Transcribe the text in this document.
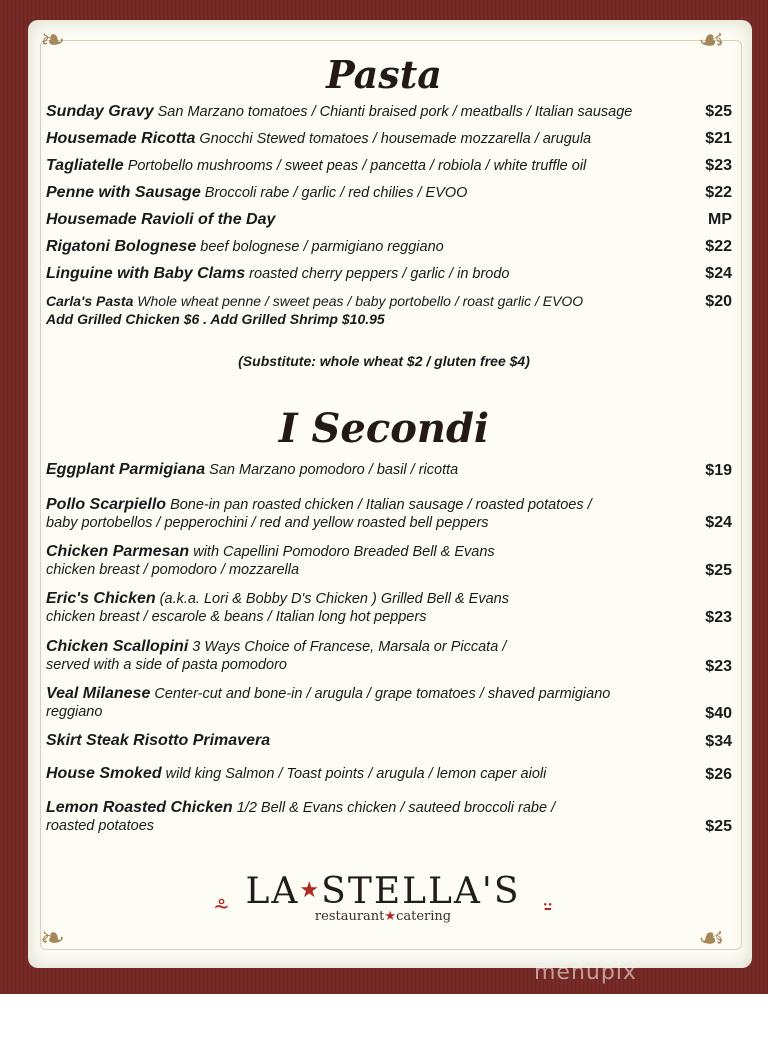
❧	☙
❧	☙
Pasta
Sunday Gravy San Marzano tomatoes / Chianti braised pork / meatballs / Italian sausage	$25
Housemade Ricotta Gnocchi Stewed tomatoes / housemade mozzarella / arugula	$21
Tagliatelle Portobello mushrooms / sweet peas / pancetta / robiola / white truffle oil	$23
Penne with Sausage Broccoli rabe / garlic / red chilies / EVOO	$22
Housemade Ravioli of the Day	MP
Rigatoni Bolognese beef bolognese / parmigiano reggiano	$22
Linguine with Baby Clams roasted cherry peppers / garlic / in brodo	$24
Carla's Pasta Whole wheat penne / sweet peas / baby portobello / roast garlic / EVOO	$20
Add Grilled Chicken $6 . Add Grilled Shrimp $10.95
(Substitute: whole wheat $2 / gluten free $4)
I Secondi
Eggplant Parmigiana San Marzano pomodoro / basil / ricotta	$19
Pollo Scarpiello Bone-in pan roasted chicken / Italian sausage / roasted potatoes /
baby portobellos / pepperochini / red and yellow roasted bell peppers	$24
Chicken Parmesan with Capellini Pomodoro Breaded Bell & Evans
chicken breast / pomodoro / mozzarella	$25
Eric's Chicken (a.k.a. Lori & Bobby D's Chicken ) Grilled Bell & Evans
chicken breast / escarole & beans / Italian long hot peppers	$23
Chicken Scallopini 3 Ways Choice of Francese, Marsala or Piccata /
served with a side of pasta pomodoro	$23
Veal Milanese Center-cut and bone-in / arugula / grape tomatoes / shaved parmigiano
reggiano	$40
Skirt Steak Risotto Primavera	$34
House Smoked wild king Salmon / Toast points / arugula / lemon caper aioli	$26
Lemon Roasted Chicken 1/2 Bell & Evans chicken / sauteed broccoli rabe /
roasted potatoes	$25
⸛ LA★STELLA'S
restaurant★catering	⸚
menupix
